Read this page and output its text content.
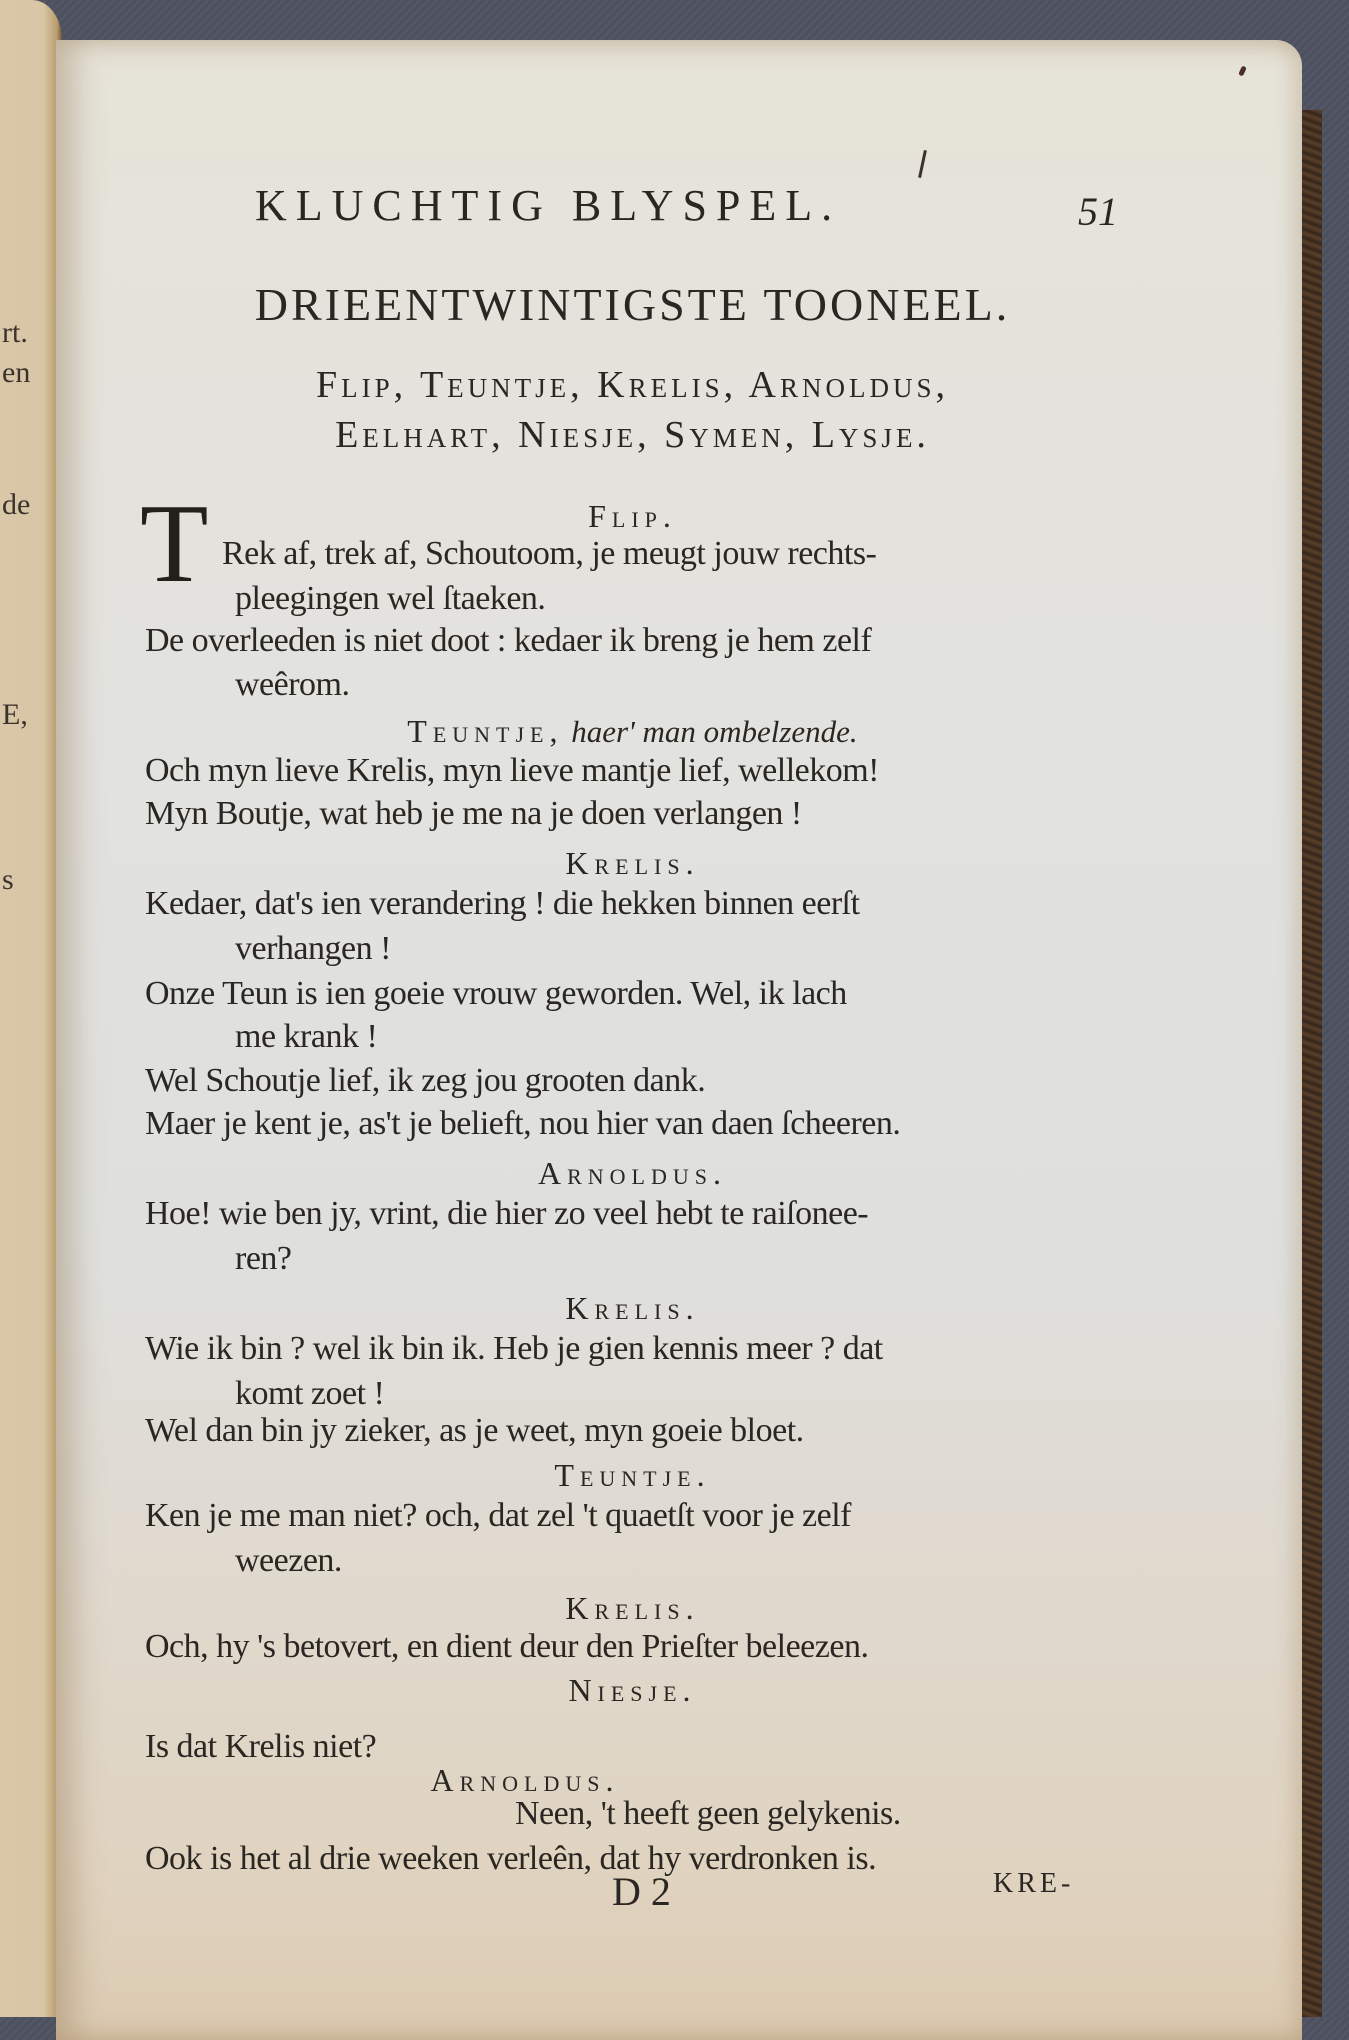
rt.
en
de
E,
s
KLUCHTIG BLYSPEL.	51
DRIEENTWINTIGSTE TOONEEL.
Flip, Teuntje, Krelis, Arnoldus,
Eelhart, Niesje, Symen, Lysje.
T	Flip.
Rek af, trek af, Schoutoom, je meugt jouw rechts-
pleegingen wel ſtaeken.
De overleeden is niet doot : kedaer ik breng je hem zelf
weêrom.
Teuntje, haer' man ombelzende.
Och myn lieve Krelis, myn lieve mantje lief, wellekom!
Myn Boutje, wat heb je me na je doen verlangen !
Krelis.
Kedaer, dat's ien verandering ! die hekken binnen eerſt
verhangen !
Onze Teun is ien goeie vrouw geworden. Wel, ik lach
me krank !
Wel Schoutje lief, ik zeg jou grooten dank.
Maer je kent je, as't je belieft, nou hier van daen ſcheeren.
Arnoldus.
Hoe! wie ben jy, vrint, die hier zo veel hebt te raiſonee-
ren?
Krelis.
Wie ik bin ? wel ik bin ik. Heb je gien kennis meer ? dat
komt zoet !
Wel dan bin jy zieker, as je weet, myn goeie bloet.
Teuntje.
Ken je me man niet? och, dat zel 't quaetſt voor je zelf
weezen.
Krelis.
Och, hy 's betovert, en dient deur den Prieſter beleezen.
Niesje.
Is dat Krelis niet?
Arnoldus.
Neen, 't heeft geen gelykenis.
Ook is het al drie weeken verleên, dat hy verdronken is.
D 2	KRE-
